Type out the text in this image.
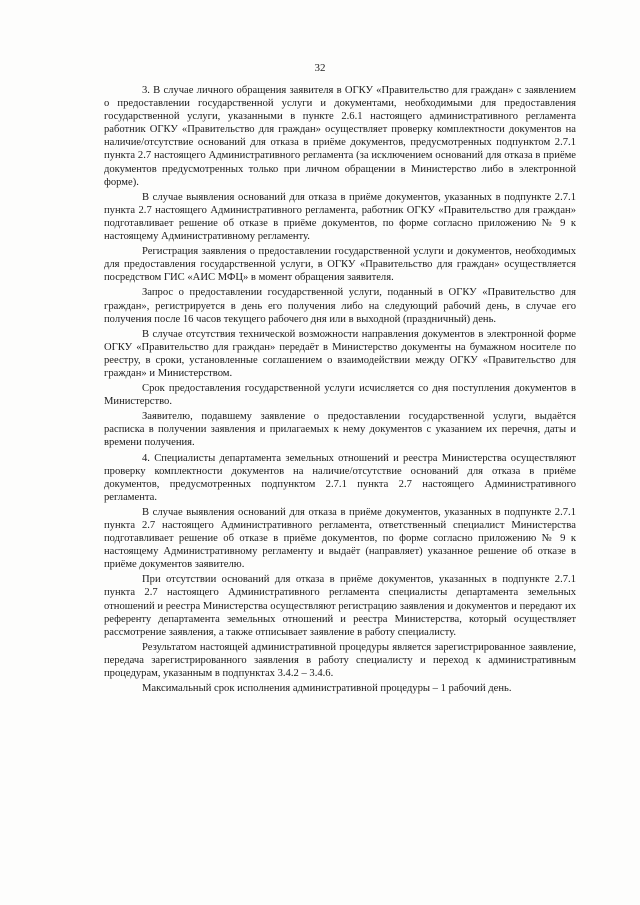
32

3. В случае личного обращения заявителя в ОГКУ «Правительство для граждан» с заявлением о предоставлении государственной услуги и документами, необходимыми для предоставления государственной услуги, указанными в пункте 2.6.1 настоящего административного регламента работник ОГКУ «Правительство для граждан» осуществляет проверку комплектности документов на наличие/отсутствие оснований для отказа в приёме документов, предусмотренных подпунктом 2.7.1 пункта 2.7 настоящего Административного регламента (за исключением оснований для отказа в приёме документов предусмотренных только при личном обращении в Министерство либо в электронной форме).

В случае выявления оснований для отказа в приёме документов, указанных в подпункте 2.7.1 пункта 2.7 настоящего Административного регламента, работник ОГКУ «Правительство для граждан» подготавливает решение об отказе в приёме документов, по форме согласно приложению № 9 к настоящему Административному регламенту.

Регистрация заявления о предоставлении государственной услуги и документов, необходимых для предоставления государственной услуги, в ОГКУ «Правительство для граждан» осуществляется посредством ГИС «АИС МФЦ» в момент обращения заявителя.

Запрос о предоставлении государственной услуги, поданный в ОГКУ «Правительство для граждан», регистрируется в день его получения либо на следующий рабочий день, в случае его получения после 16 часов текущего рабочего дня или в выходной (праздничный) день.

В случае отсутствия технической возможности направления документов в электронной форме ОГКУ «Правительство для граждан» передаёт в Министерство документы на бумажном носителе по реестру, в сроки, установленные соглашением о взаимодействии между ОГКУ «Правительство для граждан» и Министерством.

Срок предоставления государственной услуги исчисляется со дня поступления документов в Министерство.

Заявителю, подавшему заявление о предоставлении государственной услуги, выдаётся расписка в получении заявления и прилагаемых к нему документов с указанием их перечня, даты и времени получения.

4. Специалисты департамента земельных отношений и реестра Министерства осуществляют проверку комплектности документов на наличие/отсутствие оснований для отказа в приёме документов, предусмотренных подпунктом 2.7.1 пункта 2.7 настоящего Административного регламента.

В случае выявления оснований для отказа в приёме документов, указанных в подпункте 2.7.1 пункта 2.7 настоящего Административного регламента, ответственный специалист Министерства подготавливает решение об отказе в приёме документов, по форме согласно приложению № 9 к настоящему Административному регламенту и выдаёт (направляет) указанное решение об отказе в приёме документов заявителю.

При отсутствии оснований для отказа в приёме документов, указанных в подпункте 2.7.1 пункта 2.7 настоящего Административного регламента специалисты департамента земельных отношений и реестра Министерства осуществляют регистрацию заявления и документов и передают их референту департамента земельных отношений и реестра Министерства, который осуществляет рассмотрение заявления, а также отписывает заявление в работу специалисту.

Результатом настоящей административной процедуры является зарегистрированное заявление, передача зарегистрированного заявления в работу специалисту и переход к административным процедурам, указанным в подпунктах 3.4.2 – 3.4.6.

Максимальный срок исполнения административной процедуры – 1 рабочий день.
